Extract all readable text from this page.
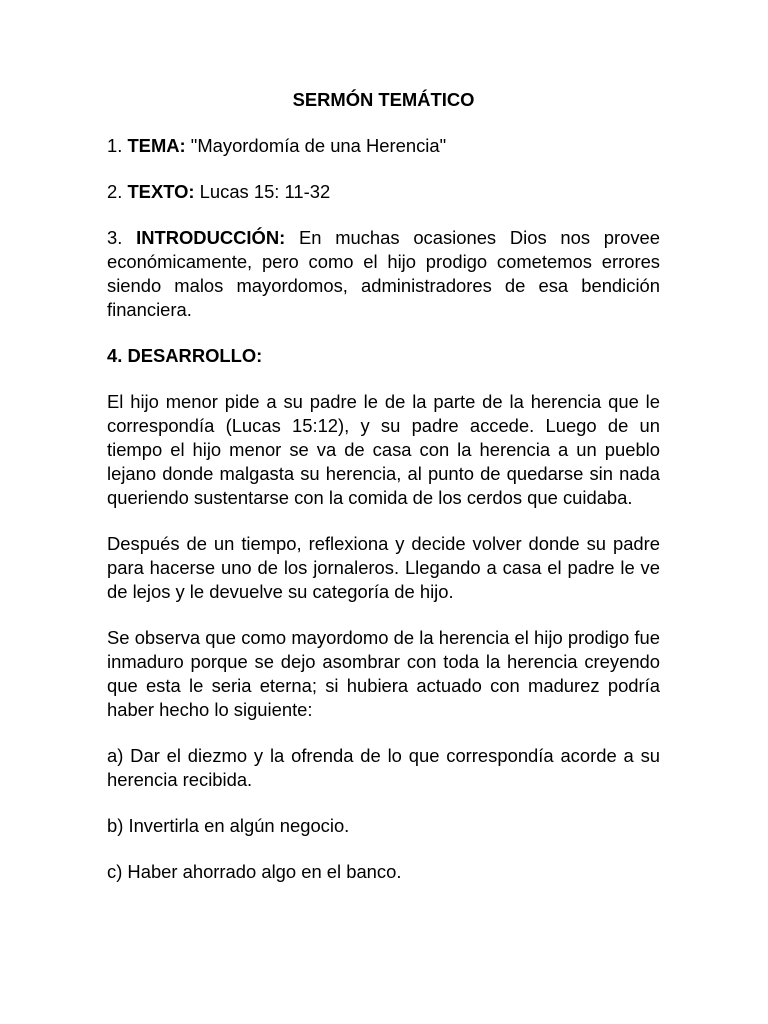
SERMÓN TEMÁTICO
1. TEMA: "Mayordomía de una Herencia"
2. TEXTO: Lucas 15: 11-32
3. INTRODUCCIÓN: En muchas ocasiones Dios nos provee económicamente, pero como el hijo prodigo cometemos errores siendo malos mayordomos, administradores de esa bendición financiera.
4. DESARROLLO:
El hijo menor pide a su padre le de la parte de la herencia que le correspondía (Lucas 15:12), y su padre accede. Luego de un tiempo el hijo menor se va de casa con la herencia a un pueblo lejano donde malgasta su herencia, al punto de quedarse sin nada queriendo sustentarse con la comida de los cerdos que cuidaba.
Después de un tiempo, reflexiona y decide volver donde su padre para hacerse uno de los jornaleros. Llegando a casa el padre le ve de lejos y le devuelve su categoría de hijo.
Se observa que como mayordomo de la herencia el hijo prodigo fue inmaduro porque se dejo asombrar con toda la herencia creyendo que esta le seria eterna; si hubiera actuado con madurez podría haber hecho lo siguiente:
a) Dar el diezmo y la ofrenda de lo que correspondía acorde a su herencia recibida.
b) Invertirla en algún negocio.
c) Haber ahorrado algo en el banco.
